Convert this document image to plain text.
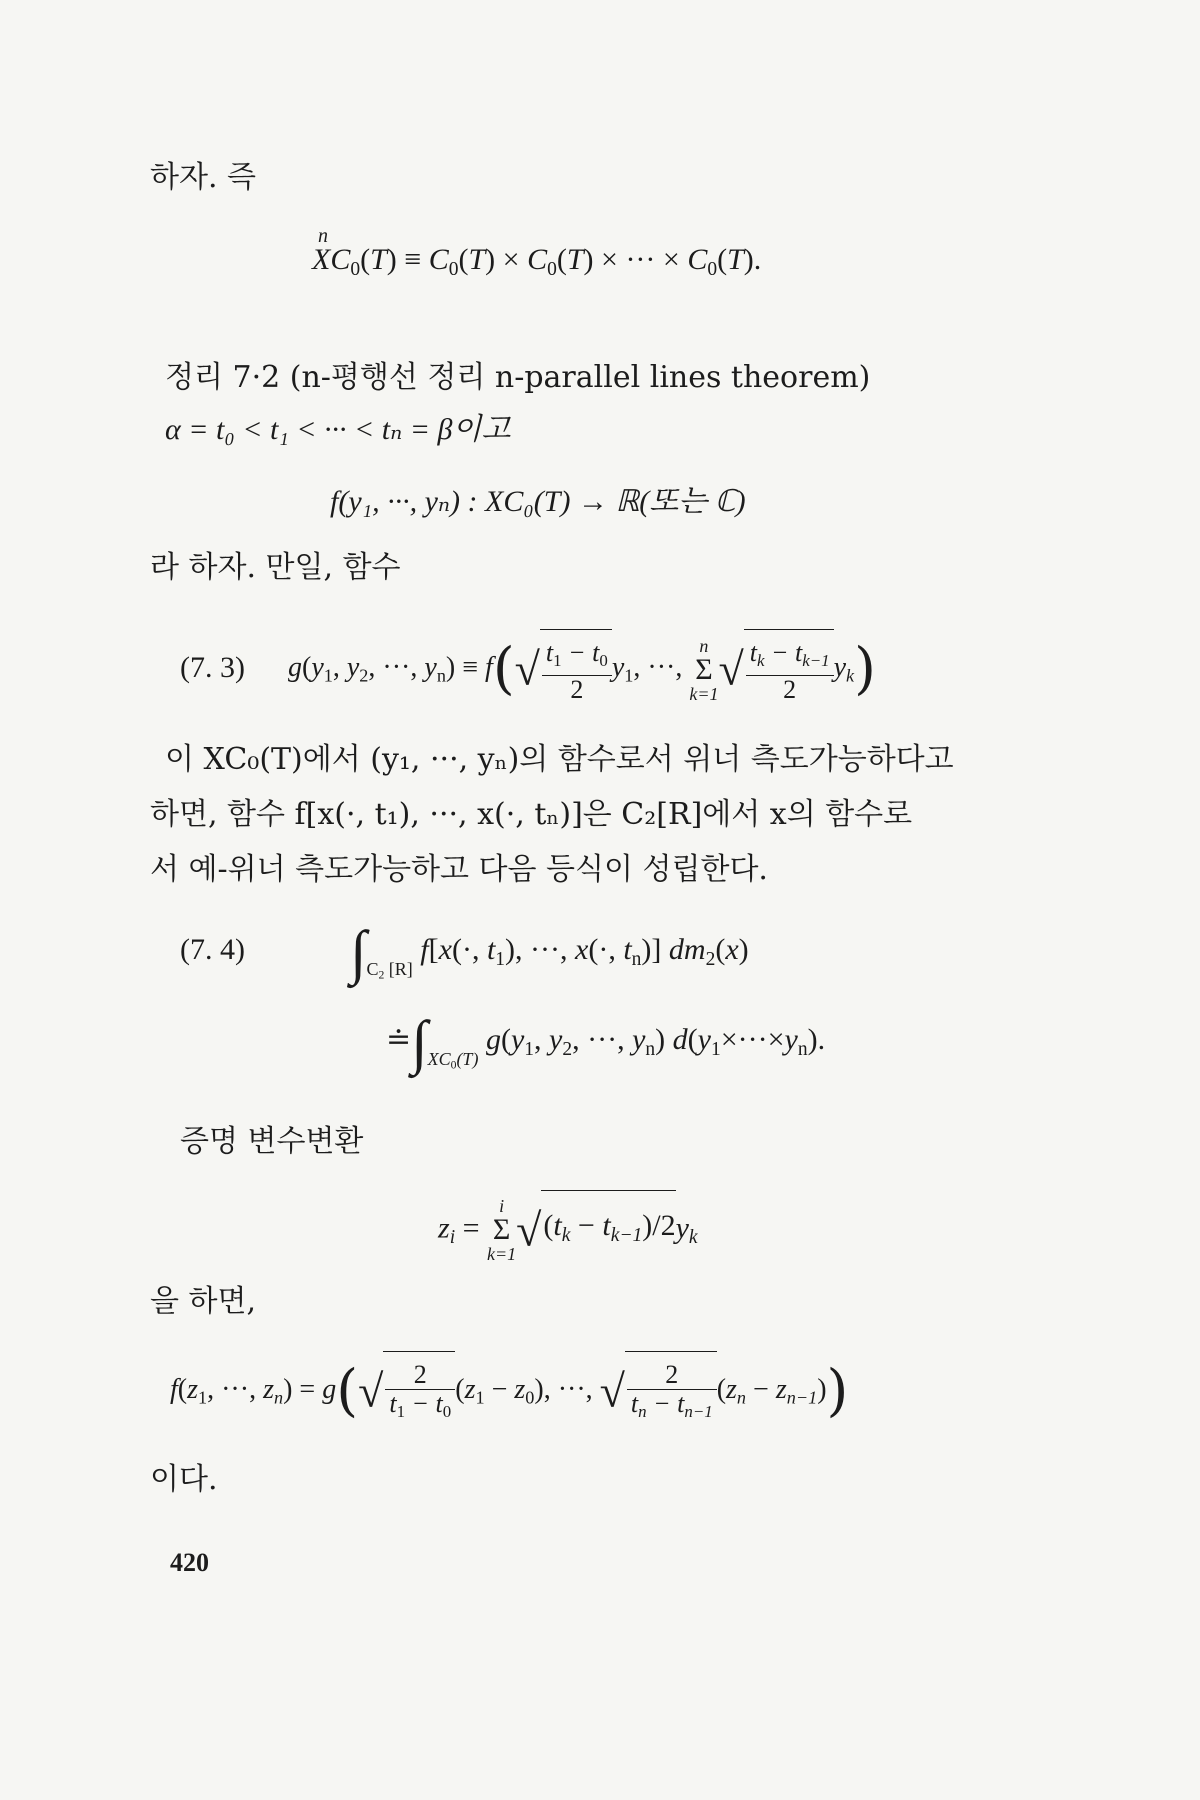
하자. 즉
n
$XC_0(T) \equiv C_0(T) \times C_0(T)$ × ··· × $C_0(T)$.
정리 7·2 (n-평행선 정리 n-parallel lines theorem)
α = t₀ < t₁ < ··· < tₙ = β이고
f(y₁, ···, yₙ) : XC₀(T) → ℝ(또는 ℂ)
라 하자. 만일, 함수
(7. 3) $g(y_1$, $y_2$, ···, $y_n) \equiv f(√ \frac{t_1 - t_0}{2} y_1$, ···, n
Σ
$k=1√ \frac{t_k - t_{k-1}}{2} y_k$)
이 XC₀(T)에서 (y₁, ···, yₙ)의 함수로서 위너 측도가능하다고
하면, 함수 f[x(·, t₁), ···, x(·, tₙ)]은 C₂[R]에서 x의 함수로
서 예-위너 측도가능하고 다음 등식이 성립한다.
(7. 4) $\int_{C_2 [R]}$ f[x(·, $t_1$), ···, x(·, $t_n$)] $dm_2(x)$
$≐\int_{XC_0(T)}$ $g(y_1$, $y_2$, ···, $y_n$) $d(y_1\times\cdot\cdot\cdot\times y_n)$.
증명 변수변환
$z_i = i$
Σ
$k=1√(t_k - t_{k-1})/2y_k$
을 하면,
$f(z_1$, ···, $z_n) = g(√ \frac{2}{t_1 - t_0} (z_1 - z_0)$, ···, √ $\frac{2}{t_n - t_{n-1}} (z_n - z_{n-1})$)
이다.
420
